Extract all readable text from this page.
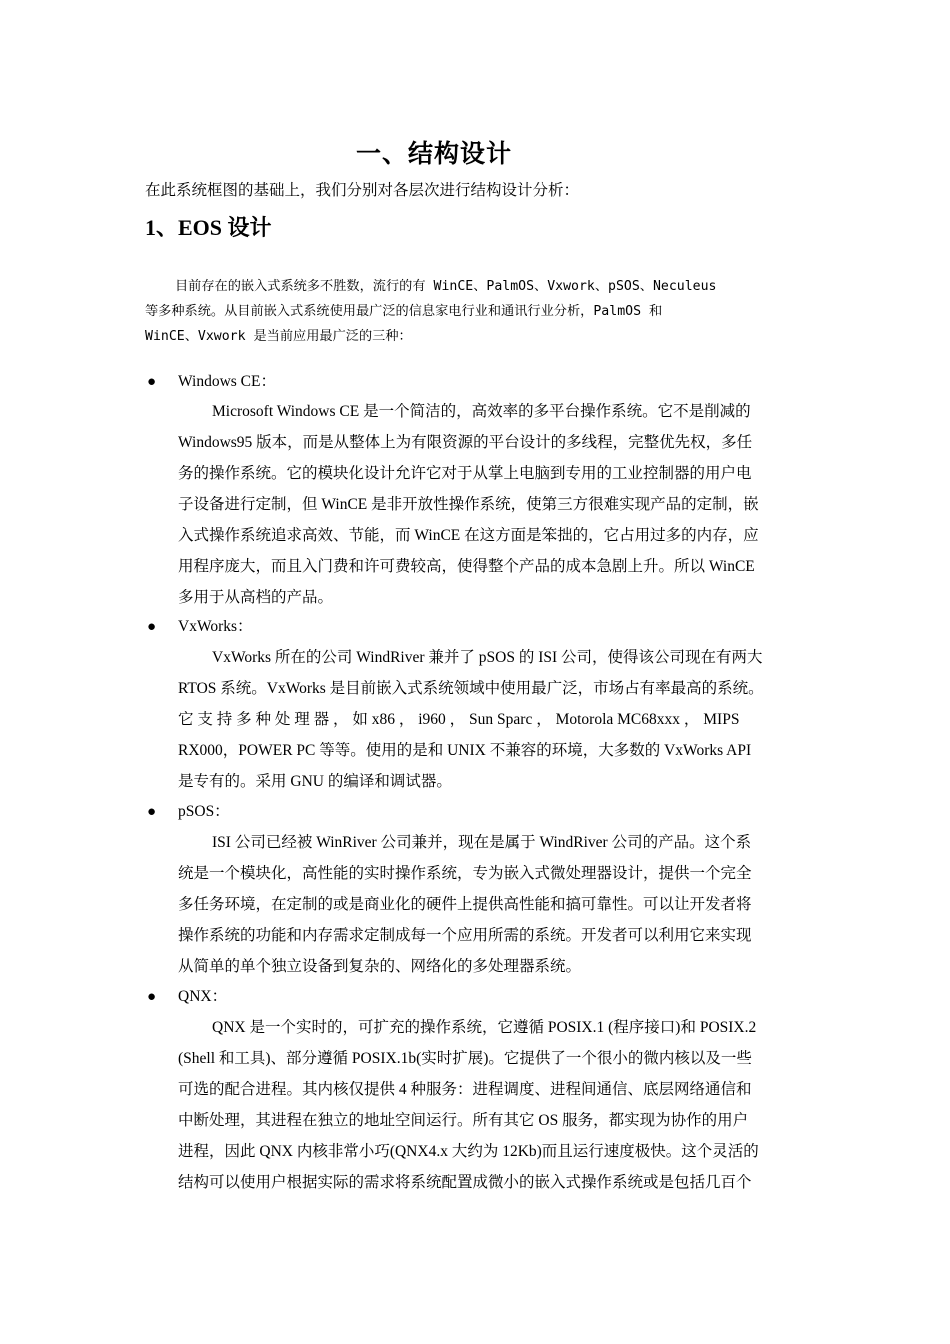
一、结构设计
在此系统框图的基础上，我们分别对各层次进行结构设计分析：
1、EOS 设计
目前存在的嵌入式系统多不胜数，流行的有 WinCE、PalmOS、Vxwork、pSOS、Neculeus
等多种系统。从目前嵌入式系统使用最广泛的信息家电行业和通讯行业分析，PalmOS 和
WinCE、Vxwork 是当前应用最广泛的三种：
● Windows CE：
Microsoft Windows CE 是一个简洁的，高效率的多平台操作系统。它不是削减的
Windows95 版本，而是从整体上为有限资源的平台设计的多线程，完整优先权，多任
务的操作系统。它的模块化设计允许它对于从掌上电脑到专用的工业控制器的用户电
子设备进行定制，但 WinCE 是非开放性操作系统，使第三方很难实现产品的定制，嵌
入式操作系统追求高效、节能，而 WinCE 在这方面是笨拙的，它占用过多的内存，应
用程序庞大，而且入门费和许可费较高，使得整个产品的成本急剧上升。所以 WinCE
多用于从高档的产品。
● VxWorks：
VxWorks 所在的公司 WindRiver 兼并了 pSOS 的 ISI 公司，使得该公司现在有两大
RTOS 系统。VxWorks 是目前嵌入式系统领域中使用最广泛，市场占有率最高的系统。
它 支 持 多 种 处 理 器 ， 如 x86 ， i960 ， Sun Sparc ， Motorola MC68xxx ， MIPS
RX000，POWER PC 等等。使用的是和 UNIX 不兼容的环境，大多数的 VxWorks API
是专有的。采用 GNU 的编译和调试器。
● pSOS：
ISI 公司已经被 WinRiver 公司兼并，现在是属于 WindRiver 公司的产品。这个系
统是一个模块化，高性能的实时操作系统，专为嵌入式微处理器设计，提供一个完全
多任务环境，在定制的或是商业化的硬件上提供高性能和搞可靠性。可以让开发者将
操作系统的功能和内存需求定制成每一个应用所需的系统。开发者可以利用它来实现
从简单的单个独立设备到复杂的、网络化的多处理器系统。
● QNX：
QNX 是一个实时的，可扩充的操作系统，它遵循 POSIX.1 (程序接口)和 POSIX.2
(Shell 和工具)、部分遵循 POSIX.1b(实时扩展)。它提供了一个很小的微内核以及一些
可选的配合进程。其内核仅提供 4 种服务：进程调度、进程间通信、底层网络通信和
中断处理，其进程在独立的地址空间运行。所有其它 OS 服务，都实现为协作的用户
进程，因此 QNX 内核非常小巧(QNX4.x 大约为 12Kb)而且运行速度极快。这个灵活的
结构可以使用户根据实际的需求将系统配置成微小的嵌入式操作系统或是包括几百个
